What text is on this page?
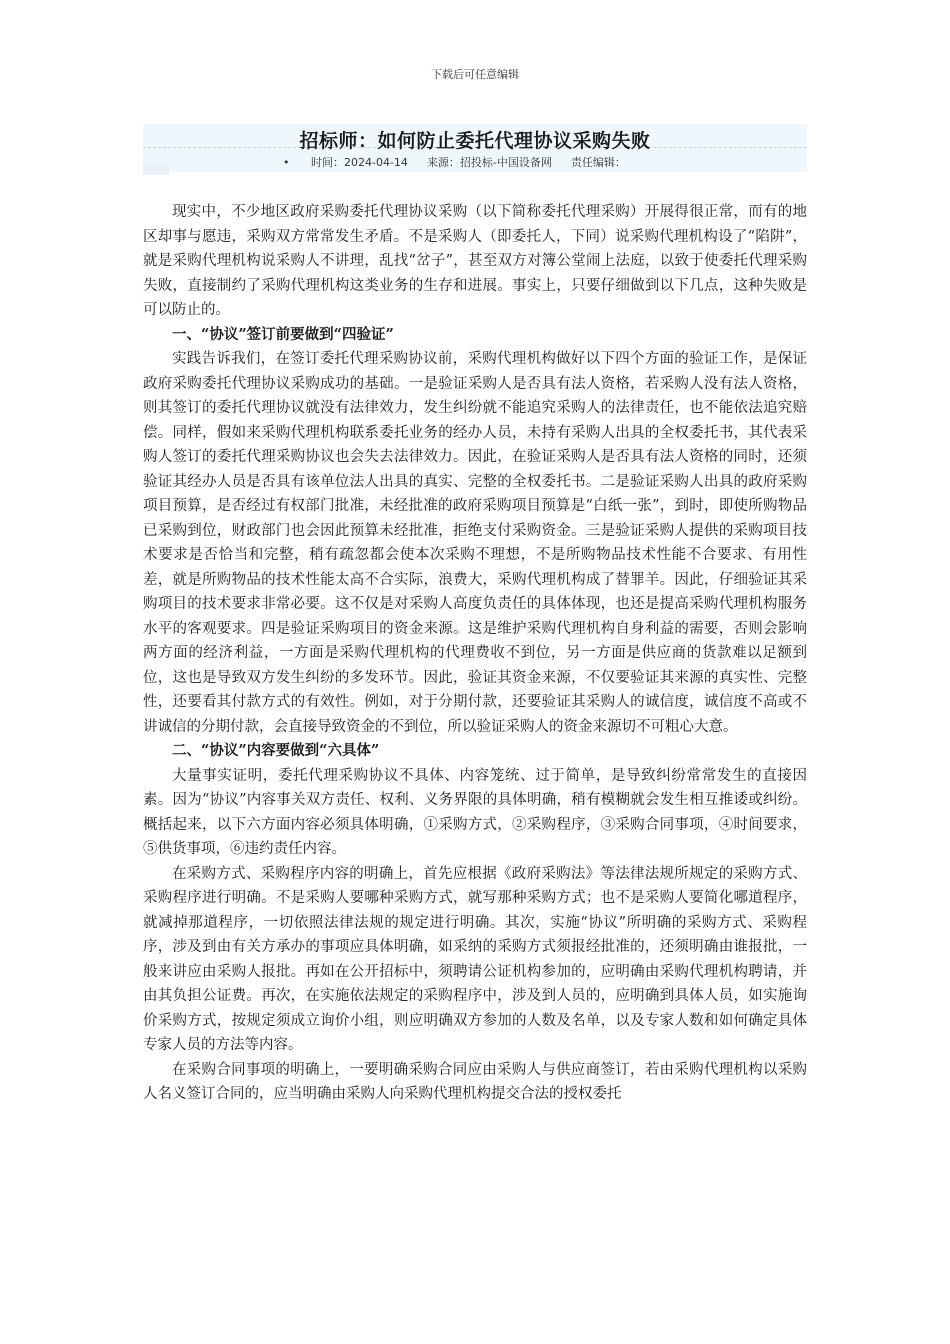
下载后可任意编辑
招标师：如何防止委托代理协议采购失败
• 时间：2024-04-14 来源：招投标-中国设备网 责任编辑：

现实中，不少地区政府采购委托代理协议采购（以下简称委托代理采购）开展得很正常，而有的地区却事与愿违，采购双方常常发生矛盾。不是采购人（即委托人，下同）说采购代理机构设了“陷阱”，就是采购代理机构说采购人不讲理，乱找“岔子”，甚至双方对簿公堂闹上法庭，以致于使委托代理采购失败，直接制约了采购代理机构这类业务的生存和进展。事实上，只要仔细做到以下几点，这种失败是可以防止的。

一、“协议”签订前要做到“四验证”

实践告诉我们，在签订委托代理采购协议前，采购代理机构做好以下四个方面的验证工作，是保证政府采购委托代理协议采购成功的基础。一是验证采购人是否具有法人资格，若采购人没有法人资格，则其签订的委托代理协议就没有法律效力，发生纠纷就不能追究采购人的法律责任，也不能依法追究赔偿。同样，假如来采购代理机构联系委托业务的经办人员，未持有采购人出具的全权委托书，其代表采购人签订的委托代理采购协议也会失去法律效力。因此，在验证采购人是否具有法人资格的同时，还须验证其经办人员是否具有该单位法人出具的真实、完整的全权委托书。二是验证采购人出具的政府采购项目预算，是否经过有权部门批准，未经批准的政府采购项目预算是“白纸一张”，到时，即使所购物品已采购到位，财政部门也会因此预算未经批准，拒绝支付采购资金。三是验证采购人提供的采购项目技术要求是否恰当和完整，稍有疏忽都会使本次采购不理想，不是所购物品技术性能不合要求、有用性差，就是所购物品的技术性能太高不合实际，浪费大，采购代理机构成了替罪羊。因此，仔细验证其采购项目的技术要求非常必要。这不仅是对采购人高度负责任的具体体现，也还是提高采购代理机构服务水平的客观要求。四是验证采购项目的资金来源。这是维护采购代理机构自身利益的需要，否则会影响两方面的经济利益，一方面是采购代理机构的代理费收不到位，另一方面是供应商的货款难以足额到位，这也是导致双方发生纠纷的多发环节。因此，验证其资金来源，不仅要验证其来源的真实性、完整性，还要看其付款方式的有效性。例如，对于分期付款，还要验证其采购人的诚信度，诚信度不高或不讲诚信的分期付款，会直接导致资金的不到位，所以验证采购人的资金来源切不可粗心大意。

二、“协议”内容要做到“六具体”

大量事实证明，委托代理采购协议不具体、内容笼统、过于简单，是导致纠纷常常发生的直接因素。因为“协议”内容事关双方责任、权利、义务界限的具体明确，稍有模糊就会发生相互推诿或纠纷。概括起来，以下六方面内容必须具体明确，①采购方式，②采购程序，③采购合同事项，④时间要求，⑤供货事项，⑥违约责任内容。

在采购方式、采购程序内容的明确上，首先应根据《政府采购法》等法律法规所规定的采购方式、采购程序进行明确。不是采购人要哪种采购方式，就写那种采购方式；也不是采购人要简化哪道程序，就减掉那道程序，一切依照法律法规的规定进行明确。其次，实施“协议”所明确的采购方式、采购程序，涉及到由有关方承办的事项应具体明确，如采纳的采购方式须报经批准的，还须明确由谁报批，一般来讲应由采购人报批。再如在公开招标中，须聘请公证机构参加的，应明确由采购代理机构聘请，并由其负担公证费。再次，在实施依法规定的采购程序中，涉及到人员的，应明确到具体人员，如实施询价采购方式，按规定须成立询价小组，则应明确双方参加的人数及名单，以及专家人数和如何确定具体专家人员的方法等内容。

在采购合同事项的明确上，一要明确采购合同应由采购人与供应商签订，若由采购代理机构以采购人名义签订合同的，应当明确由采购人向采购代理机构提交合法的授权委托
